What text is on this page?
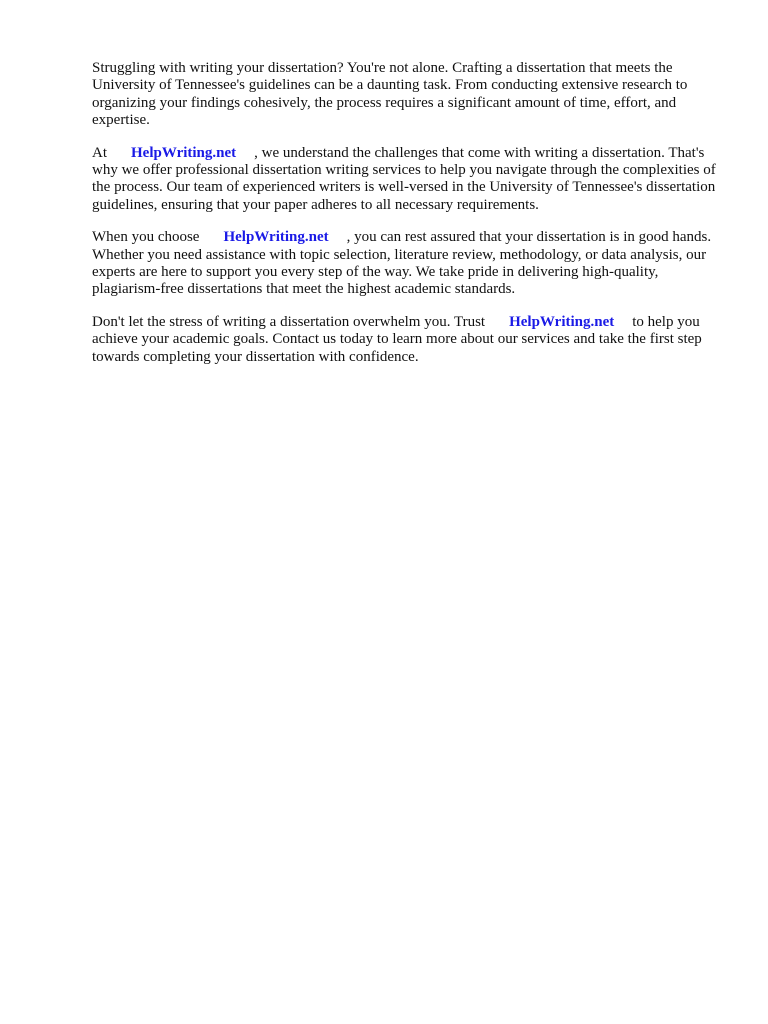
Struggling with writing your dissertation? You're not alone. Crafting a dissertation that meets the University of Tennessee's guidelines can be a daunting task. From conducting extensive research to organizing your findings cohesively, the process requires a significant amount of time, effort, and expertise.

At HelpWriting.net , we understand the challenges that come with writing a dissertation. That's why we offer professional dissertation writing services to help you navigate through the complexities of the process. Our team of experienced writers is well-versed in the University of Tennessee's dissertation guidelines, ensuring that your paper adheres to all necessary requirements.

When you choose HelpWriting.net , you can rest assured that your dissertation is in good hands. Whether you need assistance with topic selection, literature review, methodology, or data analysis, our experts are here to support you every step of the way. We take pride in delivering high-quality, plagiarism-free dissertations that meet the highest academic standards.

Don't let the stress of writing a dissertation overwhelm you. Trust HelpWriting.net to help you achieve your academic goals. Contact us today to learn more about our services and take the first step towards completing your dissertation with confidence.
